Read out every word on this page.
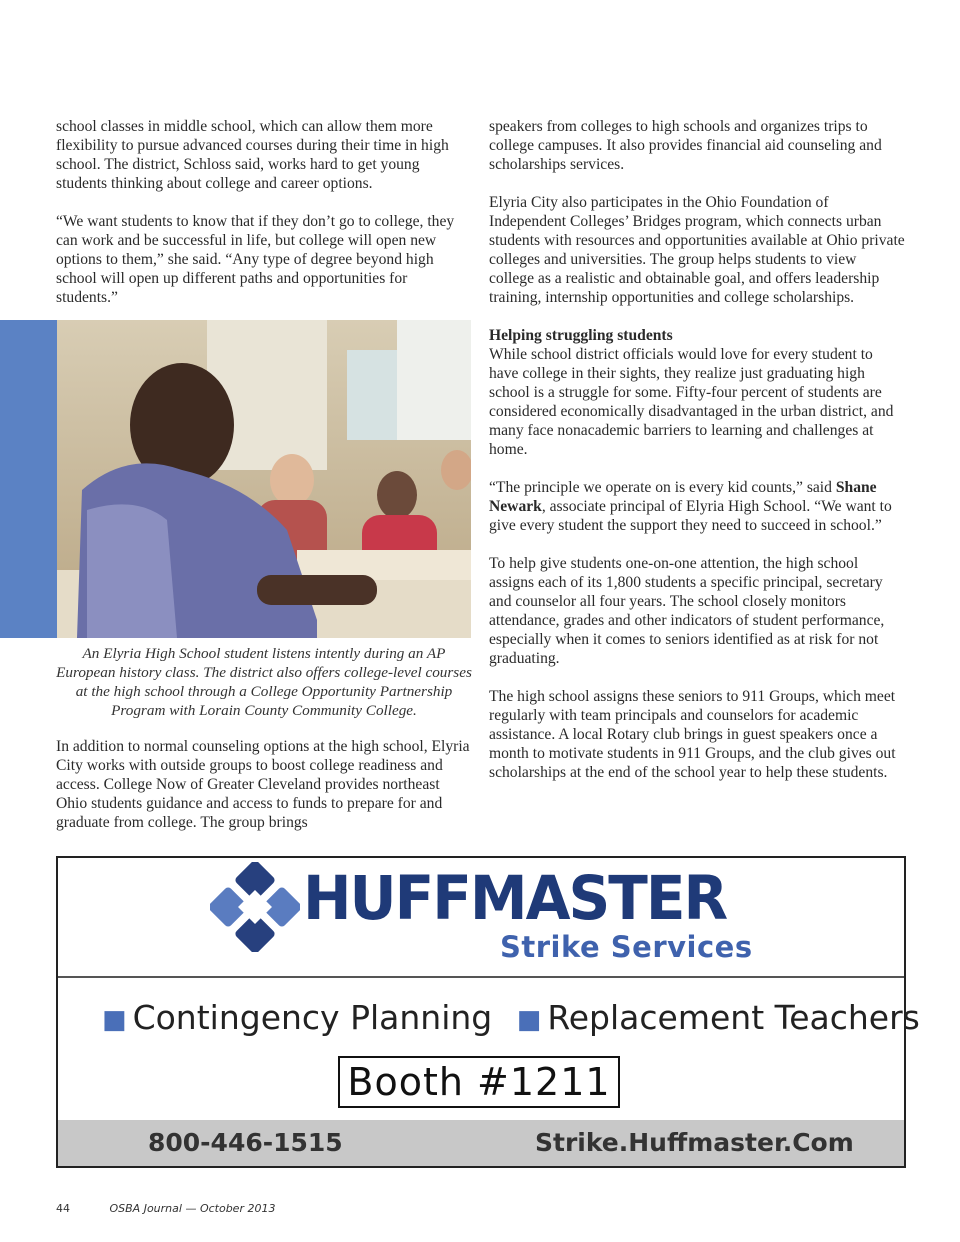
school classes in middle school, which can allow them more flexibility to pursue advanced courses during their time in high school. The district, Schloss said, works hard to get young students thinking about college and career options.

“We want students to know that if they don’t go to college, they can work and be successful in life, but college will open new options to them,” she said. “Any type of degree beyond high school will open up different paths and opportunities for students.”

An Elyria High School student listens intently during an AP European history class. The district also offers college-level courses at the high school through a College Opportunity Partnership Program with Lorain County Community College.

In addition to normal counseling options at the high school, Elyria City works with outside groups to boost college readiness and access. College Now of Greater Cleveland provides northeast Ohio students guidance and access to funds to prepare for and graduate from college. The group brings

speakers from colleges to high schools and organizes trips to college campuses. It also provides financial aid counseling and scholarships services.

Elyria City also participates in the Ohio Foundation of Independent Colleges’ Bridges program, which connects urban students with resources and opportunities available at Ohio private colleges and universities. The group helps students to view college as a realistic and obtainable goal, and offers leadership training, internship opportunities and college scholarships.

Helping struggling students
While school district officials would love for every student to have college in their sights, they realize just graduating high school is a struggle for some. Fifty-four percent of students are considered economically disadvantaged in the urban district, and many face nonacademic barriers to learning and challenges at home.

“The principle we operate on is every kid counts,” said Shane Newark, associate principal of Elyria High School. “We want to give every student the support they need to succeed in school.”

To help give students one-on-one attention, the high school assigns each of its 1,800 students a specific principal, secretary and counselor all four years. The school closely monitors attendance, grades and other indicators of student performance, especially when it comes to seniors identified as at risk for not graduating.

The high school assigns these seniors to 911 Groups, which meet regularly with team principals and counselors for academic assistance. A local Rotary club brings in guest speakers once a month to motivate students in 911 Groups, and the club gives out scholarships at the end of the school year to help these students.

HUFFMASTER
Strike Services
■ Contingency Planning ■ Replacement Teachers
Booth #1211
800-446-1515	Strike.Huffmaster.Com
44	OSBA Journal — October 2013
